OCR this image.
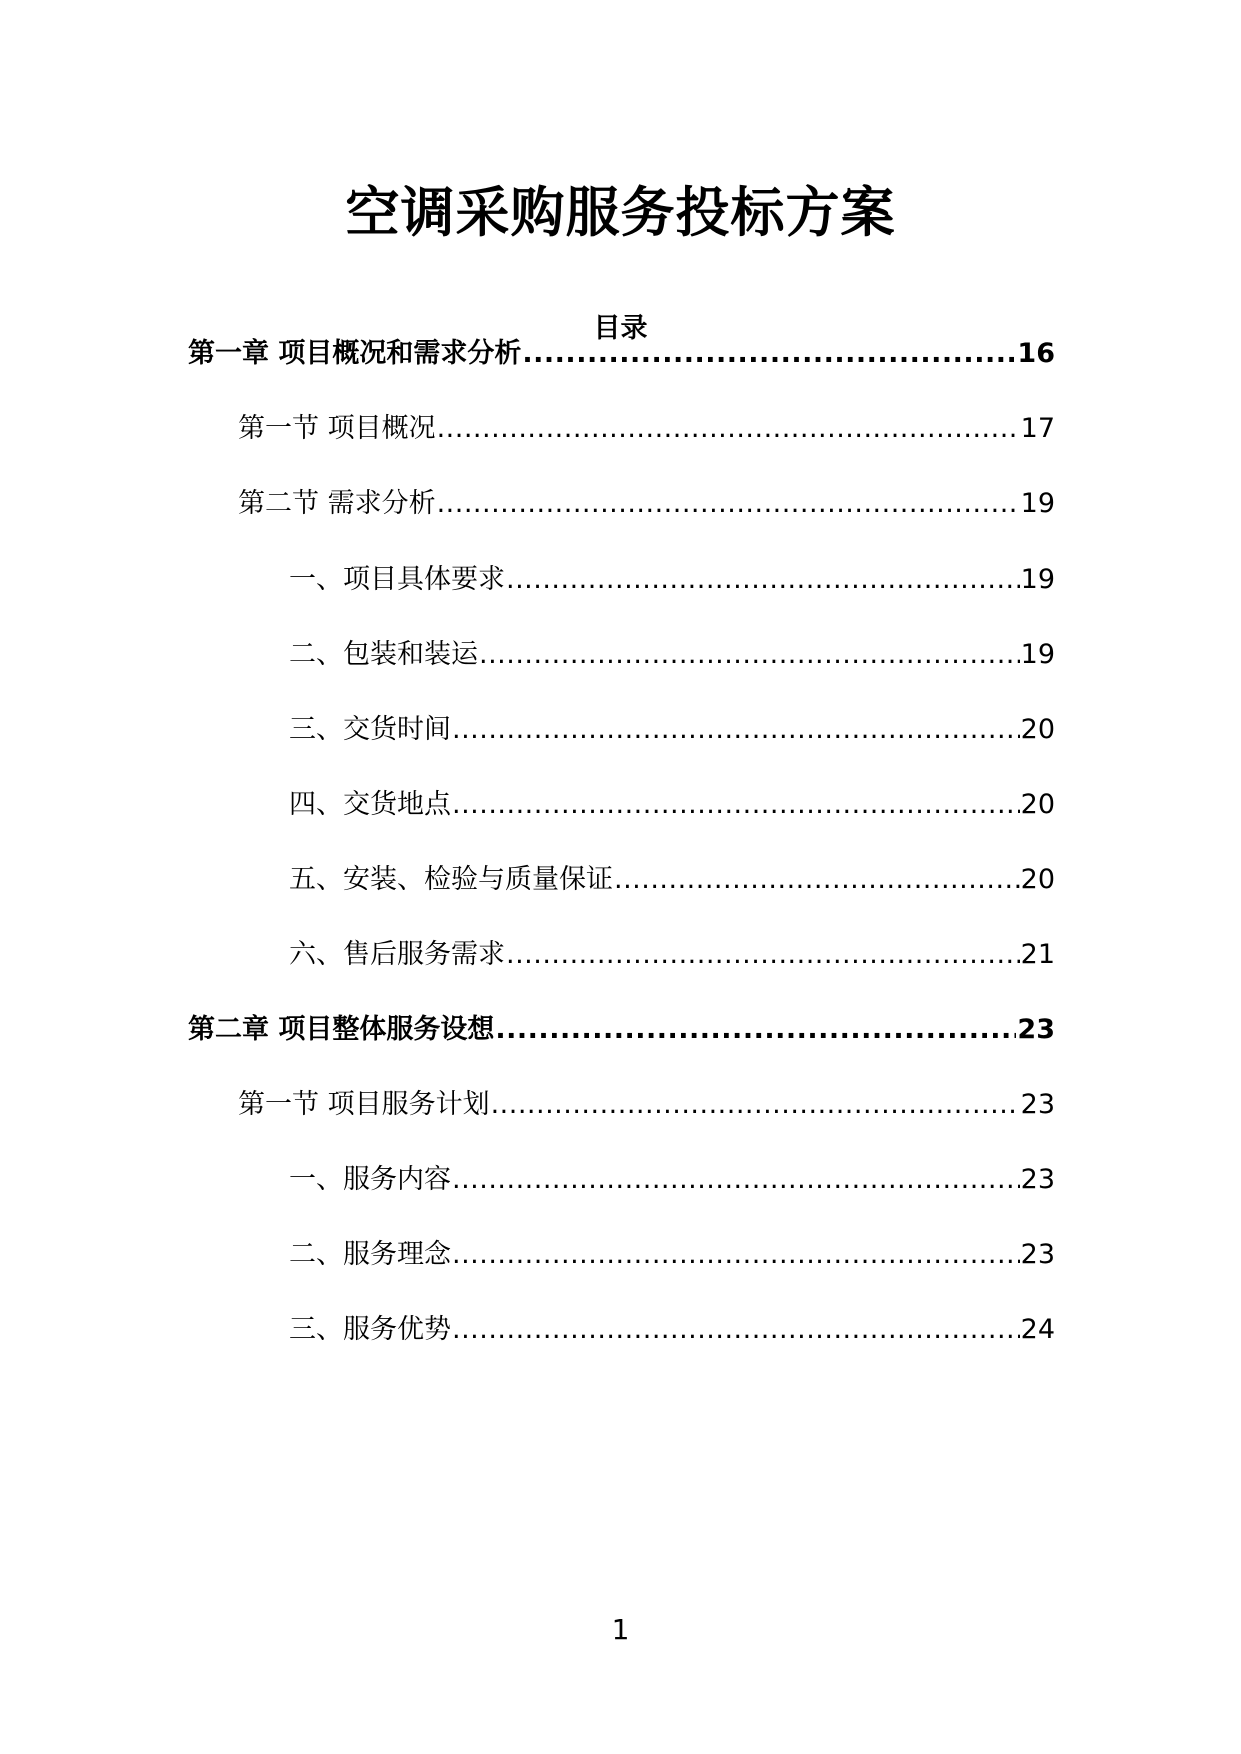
空调采购服务投标方案
目录
第一章 项目概况和需求分析 .....	16
第一节 项目概况 .....	17
第二节 需求分析 .....	19
一、项目具体要求 .....	19
二、包装和装运 .....	19
三、交货时间 .....	20
四、交货地点 .....	20
五、安装、检验与质量保证 .....	20
六、售后服务需求 .....	21
第二章 项目整体服务设想 .....	23
第一节 项目服务计划 .....	23
一、服务内容 .....	23
二、服务理念 .....	23
三、服务优势 .....	24
1
